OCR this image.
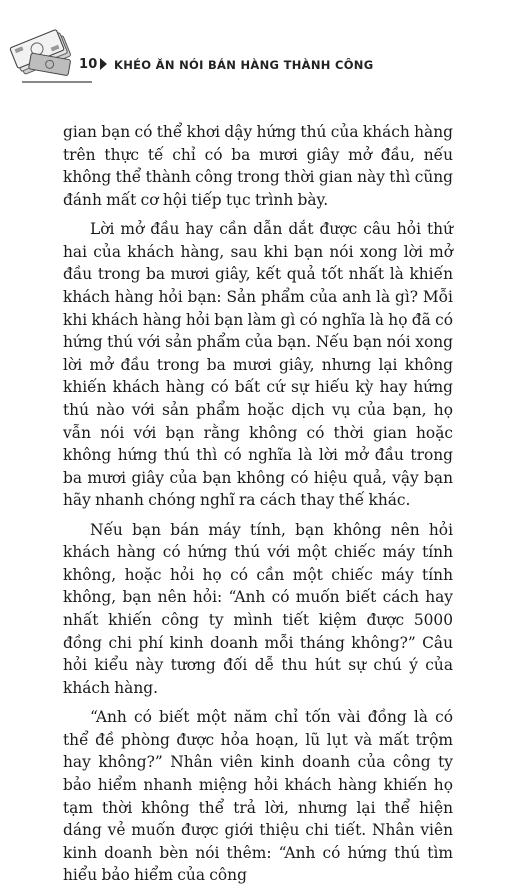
10 KHÉO ĂN NÓI BÁN HÀNG THÀNH CÔNG

gian bạn có thể khơi dậy hứng thú của khách hàng trên thực tế chỉ có ba mươi giây mở đầu, nếu không thể thành công trong thời gian này thì cũng đánh mất cơ hội tiếp tục trình bày.

Lời mở đầu hay cần dẫn dắt được câu hỏi thứ hai của khách hàng, sau khi bạn nói xong lời mở đầu trong ba mươi giây, kết quả tốt nhất là khiến khách hàng hỏi bạn: Sản phẩm của anh là gì? Mỗi khi khách hàng hỏi bạn làm gì có nghĩa là họ đã có hứng thú với sản phẩm của bạn. Nếu bạn nói xong lời mở đầu trong ba mươi giây, nhưng lại không khiến khách hàng có bất cứ sự hiếu kỳ hay hứng thú nào với sản phẩm hoặc dịch vụ của bạn, họ vẫn nói với bạn rằng không có thời gian hoặc không hứng thú thì có nghĩa là lời mở đầu trong ba mươi giây của bạn không có hiệu quả, vậy bạn hãy nhanh chóng nghĩ ra cách thay thế khác.

Nếu bạn bán máy tính, bạn không nên hỏi khách hàng có hứng thú với một chiếc máy tính không, hoặc hỏi họ có cần một chiếc máy tính không, bạn nên hỏi: “Anh có muốn biết cách hay nhất khiến công ty mình tiết kiệm được 5000 đồng chi phí kinh doanh mỗi tháng không?” Câu hỏi kiểu này tương đối dễ thu hút sự chú ý của khách hàng.

“Anh có biết một năm chỉ tốn vài đồng là có thể đề phòng được hỏa hoạn, lũ lụt và mất trộm hay không?” Nhân viên kinh doanh của công ty bảo hiểm nhanh miệng hỏi khách hàng khiến họ tạm thời không thể trả lời, nhưng lại thể hiện dáng vẻ muốn được giới thiệu chi tiết. Nhân viên kinh doanh bèn nói thêm: “Anh có hứng thú tìm hiểu bảo hiểm của công
